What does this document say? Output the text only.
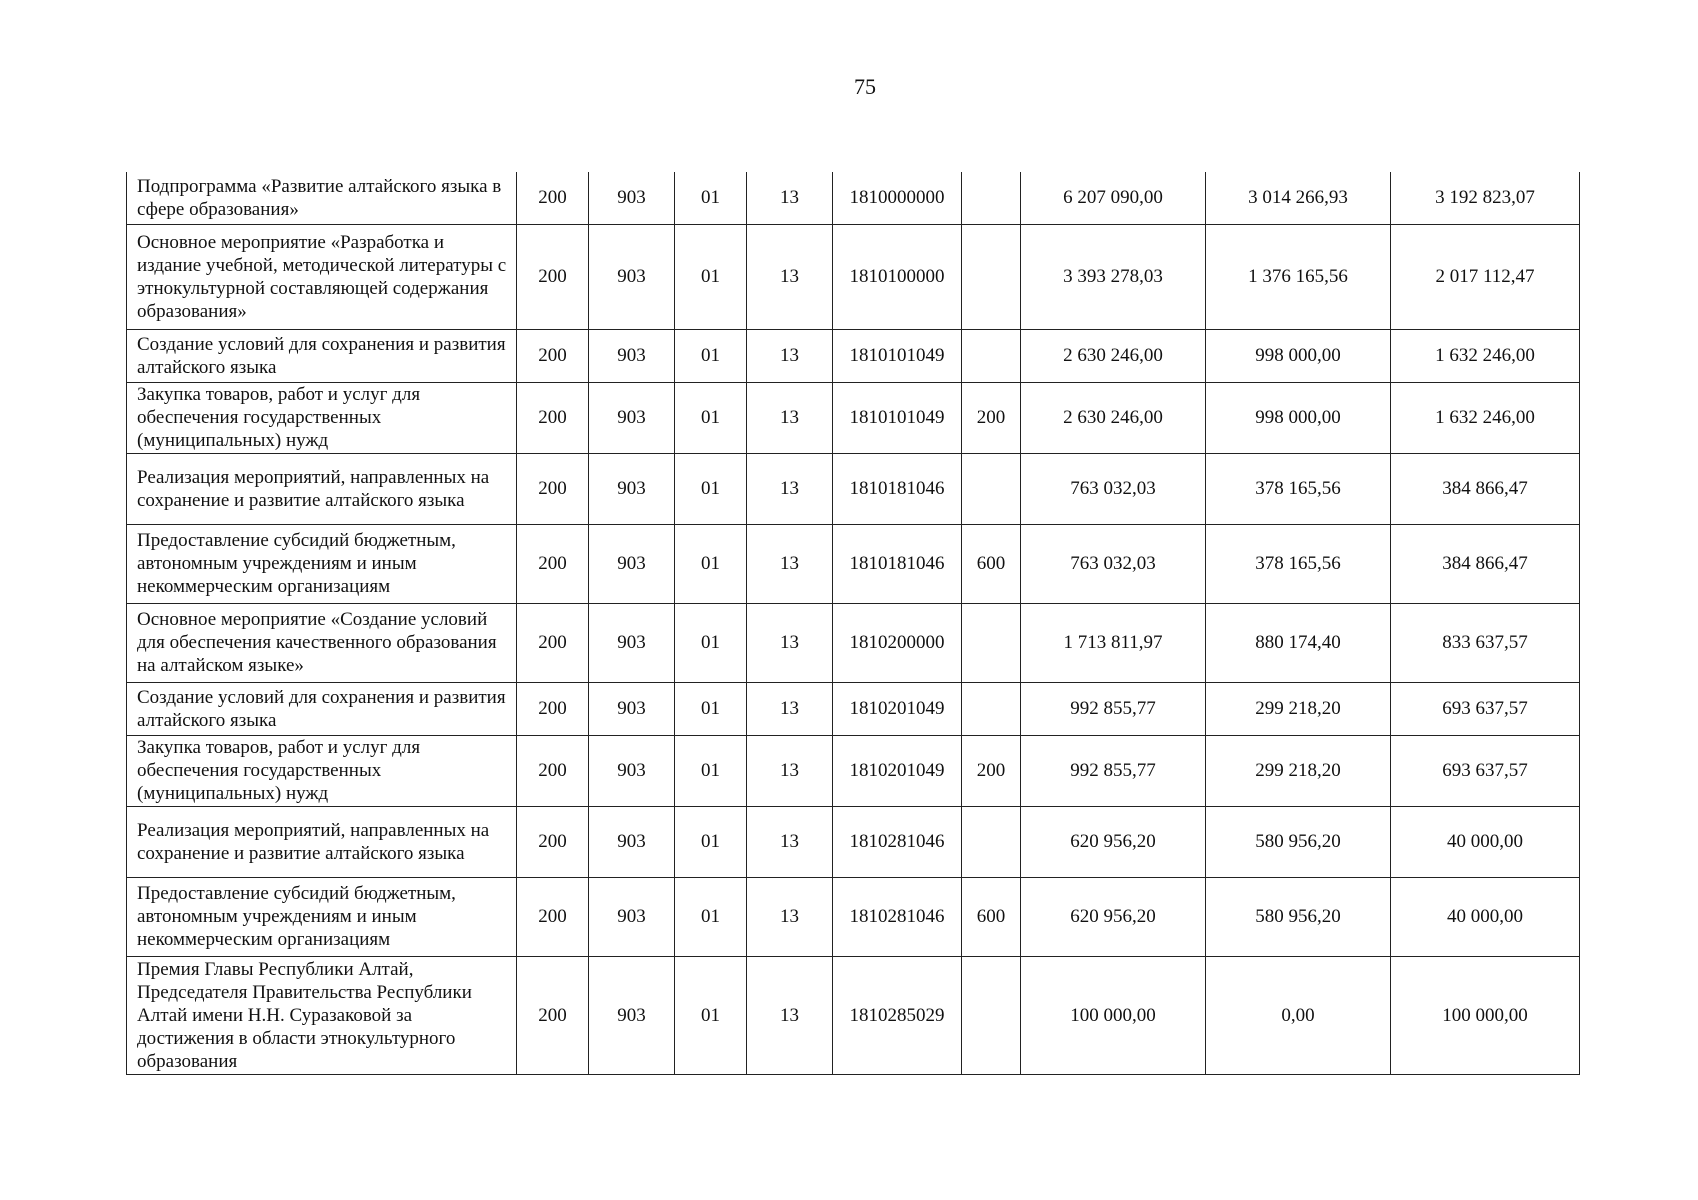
75
Подпрограмма «Развитие алтайского языка в сфере образования»	200	903	01	13	1810000000		6 207 090,00	3 014 266,93	3 192 823,07
Основное мероприятие «Разработка и издание учебной, методической литературы с этнокультурной составляющей содержания образования»	200	903	01	13	1810100000		3 393 278,03	1 376 165,56	2 017 112,47
Создание условий для сохранения и развития алтайского языка	200	903	01	13	1810101049		2 630 246,00	998 000,00	1 632 246,00
Закупка товаров, работ и услуг для обеспечения государственных (муниципальных) нужд	200	903	01	13	1810101049	200	2 630 246,00	998 000,00	1 632 246,00
Реализация мероприятий, направленных на сохранение и развитие алтайского языка	200	903	01	13	1810181046		763 032,03	378 165,56	384 866,47
Предоставление субсидий бюджетным, автономным учреждениям и иным некоммерческим организациям	200	903	01	13	1810181046	600	763 032,03	378 165,56	384 866,47
Основное мероприятие «Создание условий для обеспечения качественного образования на алтайском языке»	200	903	01	13	1810200000		1 713 811,97	880 174,40	833 637,57
Создание условий для сохранения и развития алтайского языка	200	903	01	13	1810201049		992 855,77	299 218,20	693 637,57
Закупка товаров, работ и услуг для обеспечения государственных (муниципальных) нужд	200	903	01	13	1810201049	200	992 855,77	299 218,20	693 637,57
Реализация мероприятий, направленных на сохранение и развитие алтайского языка	200	903	01	13	1810281046		620 956,20	580 956,20	40 000,00
Предоставление субсидий бюджетным, автономным учреждениям и иным некоммерческим организациям	200	903	01	13	1810281046	600	620 956,20	580 956,20	40 000,00
Премия Главы Республики Алтай, Председателя Правительства Республики Алтай имени Н.Н. Суразаковой за достижения в области этнокультурного образования	200	903	01	13	1810285029		100 000,00	0,00	100 000,00
